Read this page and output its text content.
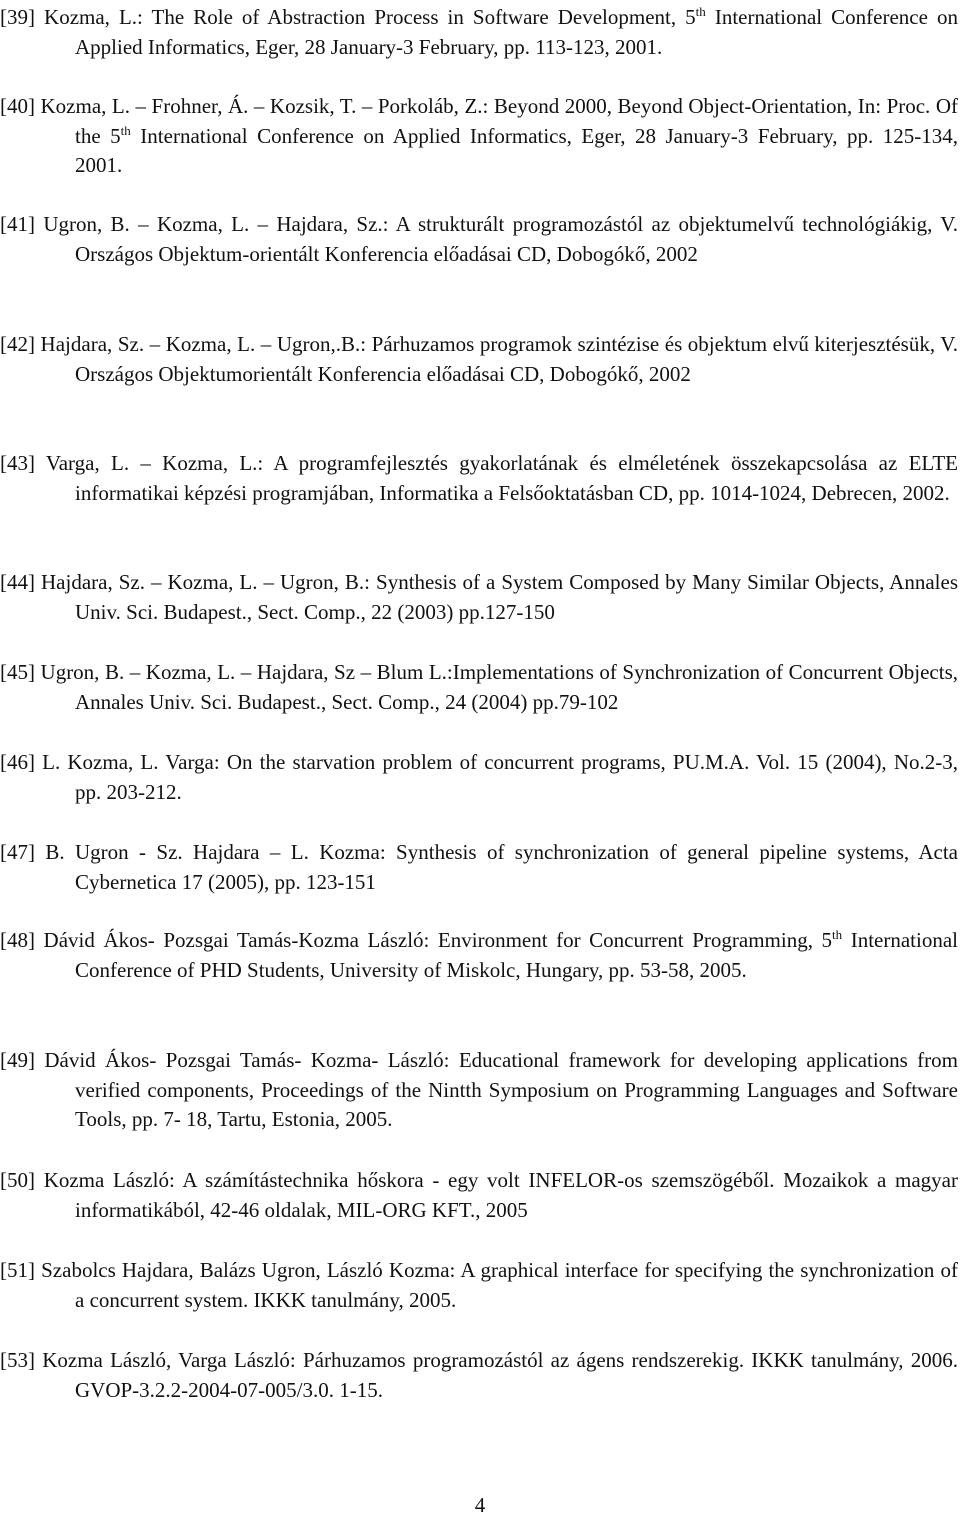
[39] Kozma, L.: The Role of Abstraction Process in Software Development, 5th International Conference on Applied Informatics, Eger, 28 January-3 February, pp. 113-123, 2001.

[40] Kozma, L. – Frohner, Á. – Kozsik, T. – Porkoláb, Z.: Beyond 2000, Beyond Object-Orientation, In: Proc. Of the 5th International Conference on Applied Informatics, Eger, 28 January-3 February, pp. 125-134, 2001.

[41] Ugron, B. – Kozma, L. – Hajdara, Sz.: A strukturált programozástól az objektumelvű technológiákig, V. Országos Objektum-orientált Konferencia előadásai CD, Dobogókő, 2002

[42] Hajdara, Sz. – Kozma, L. – Ugron,.B.: Párhuzamos programok szintézise és objektum elvű kiterjesztésük, V. Országos Objektumorientált Konferencia előadásai CD, Dobogókő, 2002

[43] Varga, L. – Kozma, L.: A programfejlesztés gyakorlatának és elméletének összekapcsolása az ELTE informatikai képzési programjában, Informatika a Felsőoktatásban CD, pp. 1014-1024, Debrecen, 2002.

[44] Hajdara, Sz. – Kozma, L. – Ugron, B.: Synthesis of a System Composed by Many Similar Objects, Annales Univ. Sci. Budapest., Sect. Comp., 22 (2003) pp.127-150

[45] Ugron, B. – Kozma, L. – Hajdara, Sz – Blum L.:Implementations of Synchronization of Concurrent Objects, Annales Univ. Sci. Budapest., Sect. Comp., 24 (2004) pp.79-102

[46] L. Kozma, L. Varga: On the starvation problem of concurrent programs, PU.M.A. Vol. 15 (2004), No.2-3, pp. 203-212.

[47] B. Ugron - Sz. Hajdara – L. Kozma: Synthesis of synchronization of general pipeline systems, Acta Cybernetica 17 (2005), pp. 123-151

[48] Dávid Ákos- Pozsgai Tamás-Kozma László: Environment for Concurrent Programming, 5th International Conference of PHD Students, University of Miskolc, Hungary, pp. 53-58, 2005.

[49] Dávid Ákos- Pozsgai Tamás- Kozma- László: Educational framework for developing applications from verified components, Proceedings of the Nintth Symposium on Programming Languages and Software Tools, pp. 7- 18, Tartu, Estonia, 2005.

[50] Kozma László: A számítástechnika hőskora - egy volt INFELOR-os szemszögéből. Mozaikok a magyar informatikából, 42-46 oldalak, MIL-ORG KFT., 2005

[51] Szabolcs Hajdara, Balázs Ugron, László Kozma: A graphical interface for specifying the synchronization of a concurrent system. IKKK tanulmány, 2005.

[53] Kozma László, Varga László: Párhuzamos programozástól az ágens rendszerekig. IKKK tanulmány, 2006. GVOP-3.2.2-2004-07-005/3.0. 1-15.

4
